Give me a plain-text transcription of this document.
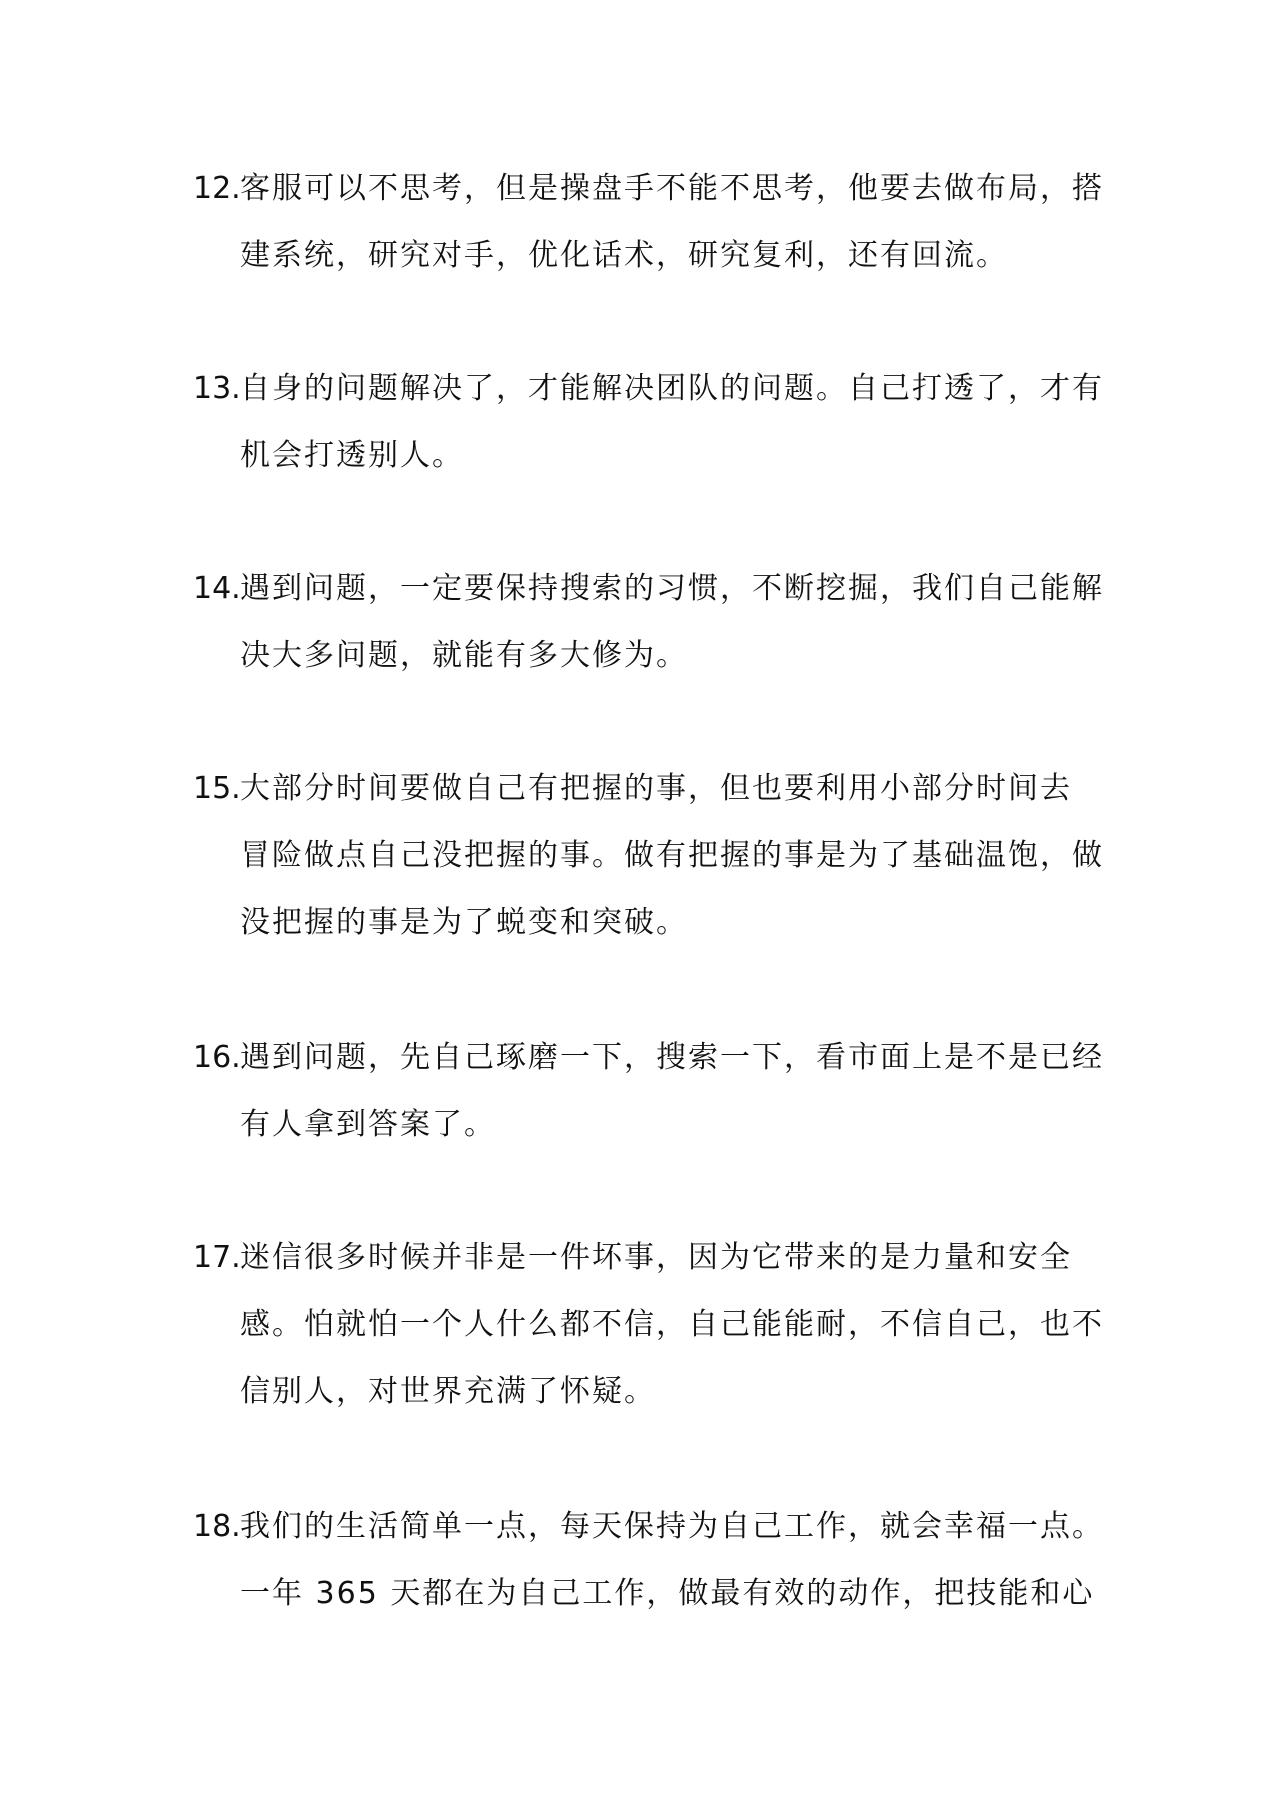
12. 客服可以不思考，但是操盘手不能不思考，他要去做布局，搭
建系统，研究对手，优化话术，研究复利，还有回流。
13. 自身的问题解决了，才能解决团队的问题。自己打透了，才有
机会打透别人。
14. 遇到问题，一定要保持搜索的习惯，不断挖掘，我们自己能解
决大多问题，就能有多大修为。
15. 大部分时间要做自己有把握的事，但也要利用小部分时间去
冒险做点自己没把握的事。做有把握的事是为了基础温饱，做
没把握的事是为了蜕变和突破。
16. 遇到问题，先自己琢磨一下，搜索一下，看市面上是不是已经
有人拿到答案了。
17. 迷信很多时候并非是一件坏事，因为它带来的是力量和安全
感。怕就怕一个人什么都不信，自己能能耐，不信自己，也不
信别人，对世界充满了怀疑。
18. 我们的生活简单一点，每天保持为自己工作，就会幸福一点。
一年 365 天都在为自己工作，做最有效的动作，把技能和心
